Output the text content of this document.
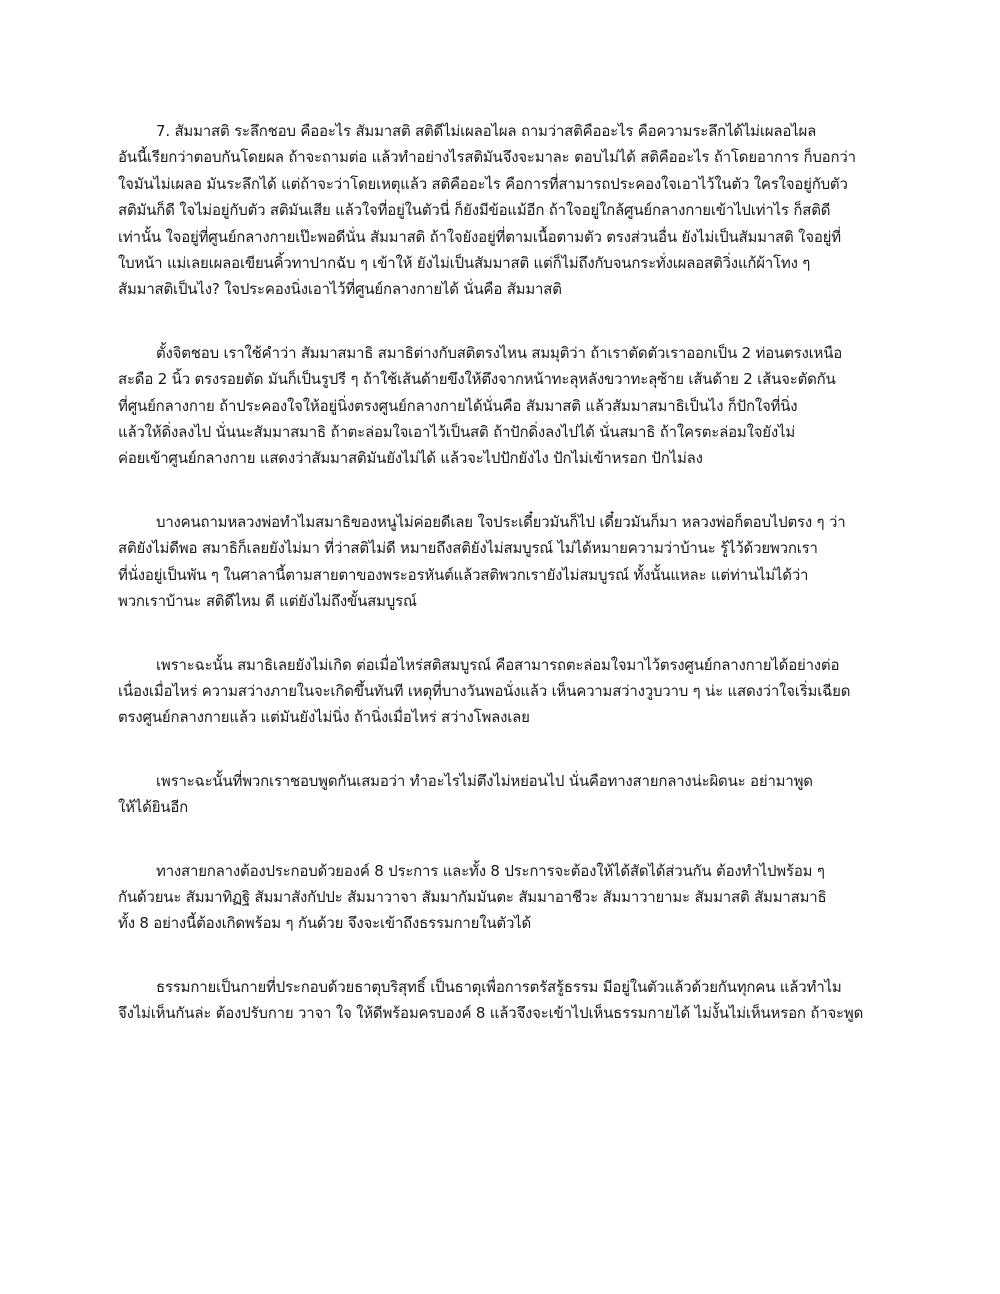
7. สัมมาสติ ระลึกชอบ คืออะไร สัมมาสติ สติดีไม่เผลอไผล ถามว่าสติคืออะไร คือความระลึกได้ไม่เผลอไผล
อันนี้เรียกว่าตอบกันโดยผล ถ้าจะถามต่อ แล้วทำอย่างไรสติมันจึงจะมาละ ตอบไม่ได้ สติคืออะไร ถ้าโดยอาการ ก็บอกว่า
ใจมันไม่เผลอ มันระลึกได้ แต่ถ้าจะว่าโดยเหตุแล้ว สติคืออะไร คือการที่สามารถประคองใจเอาไว้ในตัว ใครใจอยู่กับตัว
สติมันก็ดี ใจไม่อยู่กับตัว สติมันเสีย แล้วใจที่อยู่ในตัวนี่ ก็ยังมีข้อแม้อีก ถ้าใจอยู่ใกล้ศูนย์กลางกายเข้าไปเท่าไร ก็สติดี
เท่านั้น ใจอยู่ที่ศูนย์กลางกายเป๊ะพอดีนั่น สัมมาสติ ถ้าใจยังอยู่ที่ตามเนื้อตามตัว ตรงส่วนอื่น ยังไม่เป็นสัมมาสติ ใจอยู่ที่
ใบหน้า แม่เลยเผลอเขียนคิ้วทาปากฉับ ๆ เข้าให้ ยังไม่เป็นสัมมาสติ แต่ก็ไม่ถึงกับจนกระทั่งเผลอสติวิ่งแก้ผ้าโทง ๆ
สัมมาสติเป็นไง? ใจประคองนิ่งเอาไว้ที่ศูนย์กลางกายได้ นั่นคือ สัมมาสติ
ตั้งจิตชอบ เราใช้คำว่า สัมมาสมาธิ สมาธิต่างกับสติตรงไหน สมมุติว่า ถ้าเราตัดตัวเราออกเป็น 2 ท่อนตรงเหนือ
สะดือ 2 นิ้ว ตรงรอยตัด มันก็เป็นรูปรี ๆ ถ้าใช้เส้นด้ายขึงให้ตึงจากหน้าทะลุหลังขวาทะลุซ้าย เส้นด้าย 2 เส้นจะตัดกัน
ที่ศูนย์กลางกาย ถ้าประคองใจให้อยู่นิ่งตรงศูนย์กลางกายได้นั่นคือ สัมมาสติ แล้วสัมมาสมาธิเป็นไง ก็ปักใจที่นิ่ง
แล้วให้ดิ่งลงไป นั่นนะสัมมาสมาธิ ถ้าตะล่อมใจเอาไว้เป็นสติ ถ้าปักดิ่งลงไปได้ นั่นสมาธิ ถ้าใครตะล่อมใจยังไม่
ค่อยเข้าศูนย์กลางกาย แสดงว่าสัมมาสติมันยังไม่ได้ แล้วจะไปปักยังไง ปักไม่เข้าหรอก ปักไม่ลง
บางคนถามหลวงพ่อทำไมสมาธิของหนูไม่ค่อยดีเลย ใจประเดี๋ยวมันก็ไป เดี๋ยวมันก็มา หลวงพ่อก็ตอบไปตรง ๆ ว่า
สติยังไม่ดีพอ สมาธิก็เลยยังไม่มา ที่ว่าสติไม่ดี หมายถึงสติยังไม่สมบูรณ์ ไม่ได้หมายความว่าบ้านะ รู้ไว้ด้วยพวกเรา
ที่นั่งอยู่เป็นพัน ๆ ในศาลานี้ตามสายตาของพระอรหันต์แล้วสติพวกเรายังไม่สมบูรณ์ ทั้งนั้นแหละ แต่ท่านไม่ได้ว่า
พวกเราบ้านะ สติดีไหม ดี แต่ยังไม่ถึงขั้นสมบูรณ์
เพราะฉะนั้น สมาธิเลยยังไม่เกิด ต่อเมื่อไหร่สติสมบูรณ์ คือสามารถตะล่อมใจมาไว้ตรงศูนย์กลางกายได้อย่างต่อ
เนื่องเมื่อไหร่ ความสว่างภายในจะเกิดขึ้นทันที เหตุที่บางวันพอนั่งแล้ว เห็นความสว่างวูบวาบ ๆ น่ะ แสดงว่าใจเริ่มเฉียด
ตรงศูนย์กลางกายแล้ว แต่มันยังไม่นิ่ง ถ้านิ่งเมื่อไหร่ สว่างโพลงเลย
เพราะฉะนั้นที่พวกเราชอบพูดกันเสมอว่า ทำอะไรไม่ตึงไม่หย่อนไป นั่นคือทางสายกลางน่ะผิดนะ อย่ามาพูด
ให้ได้ยินอีก
ทางสายกลางต้องประกอบด้วยองค์ 8 ประการ และทั้ง 8 ประการจะต้องให้ได้สัดได้ส่วนกัน ต้องทำไปพร้อม ๆ
กันด้วยนะ สัมมาทิฏฐิ สัมมาสังกัปปะ สัมมาวาจา สัมมากัมมันตะ สัมมาอาชีวะ สัมมาวายามะ สัมมาสติ สัมมาสมาธิ
ทั้ง 8 อย่างนี้ต้องเกิดพร้อม ๆ กันด้วย จึงจะเข้าถึงธรรมกายในตัวได้
ธรรมกายเป็นกายที่ประกอบด้วยธาตุบริสุทธิ์ เป็นธาตุเพื่อการตรัสรู้ธรรม มีอยู่ในตัวแล้วด้วยกันทุกคน แล้วทำไม
จึงไม่เห็นกันล่ะ ต้องปรับกาย วาจา ใจ ให้ดีพร้อมครบองค์ 8 แล้วจึงจะเข้าไปเห็นธรรมกายได้ ไม่งั้นไม่เห็นหรอก ถ้าจะพูด
